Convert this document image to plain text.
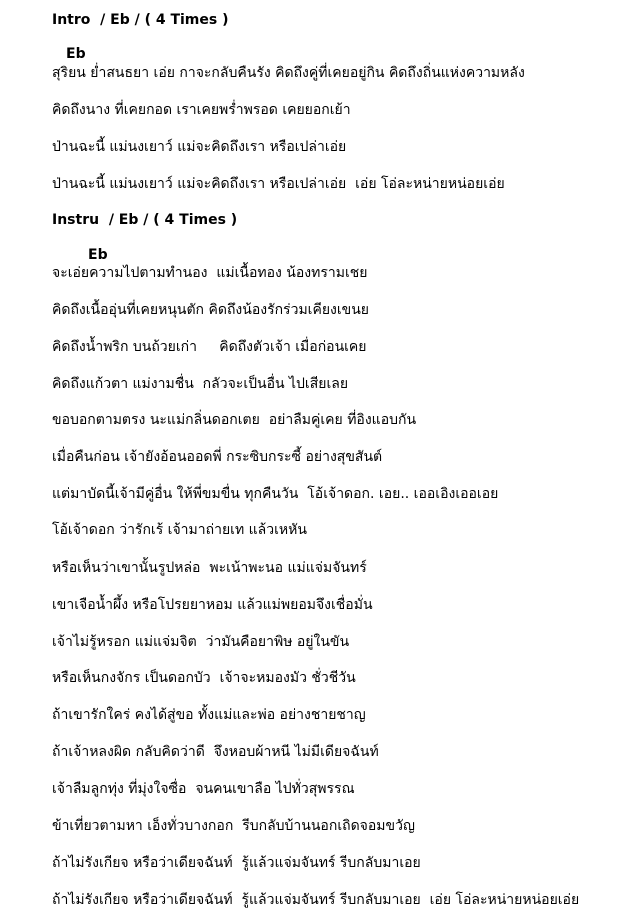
Intro  / Eb / ( 4 Times )
Eb
สุริยน ย่ำสนธยา เอ่ย กาจะกลับคืนรัง คิดถึงคู่ที่เคยอยู่กิน คิดถึงถิ่นแห่งความหลัง
คิดถึงนาง ที่เคยกอด เราเคยพร่ำพรอด เคยยอกเย้า
ป่านฉะนี้ แม่นงเยาว์ แม่จะคิดถึงเรา หรือเปล่าเอ่ย
ป่านฉะนี้ แม่นงเยาว์ แม่จะคิดถึงเรา หรือเปล่าเอ่ย  เอ่ย โอ่ละหน่ายหน่อยเอ่ย
Instru  / Eb / ( 4 Times )
Eb
จะเอ่ยความไปตามทำนอง  แม่เนื้อทอง น้องทรามเชย
คิดถึงเนื้ออุ่นที่เคยหนุนตัก คิดถึงน้องรักร่วมเคียงเขนย
คิดถึงน้ำพริก บนถ้วยเก่า     คิดถึงตัวเจ้า เมื่อก่อนเคย
คิดถึงแก้วตา แม่งามชื่น  กลัวจะเป็นอื่น ไปเสียเลย
ขอบอกตามตรง นะแม่กลิ่นดอกเตย  อย่าลืมคู่เคย ที่อิงแอบกัน
เมื่อคืนก่อน เจ้ายังอ้อนออดพี่ กระซิบกระซี้ อย่างสุขสันต์
แต่มาบัดนี้เจ้ามีคู่อื่น ให้พี่ขมขื่น ทุกคืนวัน  โอ้เจ้าดอก. เอย.. เออเอิงเออเอย
โอ้เจ้าดอก ว่ารักเร้ เจ้ามาถ่ายเท แล้วเหหัน
หรือเห็นว่าเขานั้นรูปหล่อ  พะเน้าพะนอ แม่แจ่มจันทร์
เขาเจือน้ำผึ้ง หรือโปรยยาหอม แล้วแม่พยอมจึงเชื่อมั่น
เจ้าไม่รู้หรอก แม่แจ่มจิต  ว่ามันคือยาพิษ อยู่ในขัน
หรือเห็นกงจักร เป็นดอกบัว  เจ้าจะหมองมัว ชั่วชีวัน
ถ้าเขารักใคร่ คงได้สู่ขอ ทั้งแม่และพ่อ อย่างชายชาญ
ถ้าเจ้าหลงผิด กลับคิดว่าดี  จึงหอบผ้าหนี ไม่มีเดียจฉันท์
เจ้าลืมลูกทุ่ง ที่มุ่งใจซื่อ  จนคนเขาลือ ไปทั่วสุพรรณ
ข้าเที่ยวตามหา เอ็งทั่วบางกอก  รีบกลับบ้านนอกเถิดจอมขวัญ
ถ้าไม่รังเกียจ หรือว่าเดียจฉันท์  รู้แล้วแจ่มจันทร์ รีบกลับมาเอย
ถ้าไม่รังเกียจ หรือว่าเดียจฉันท์  รู้แล้วแจ่มจันทร์ รีบกลับมาเอย  เอ่ย โอ่ละหน่ายหน่อยเอ่ย
